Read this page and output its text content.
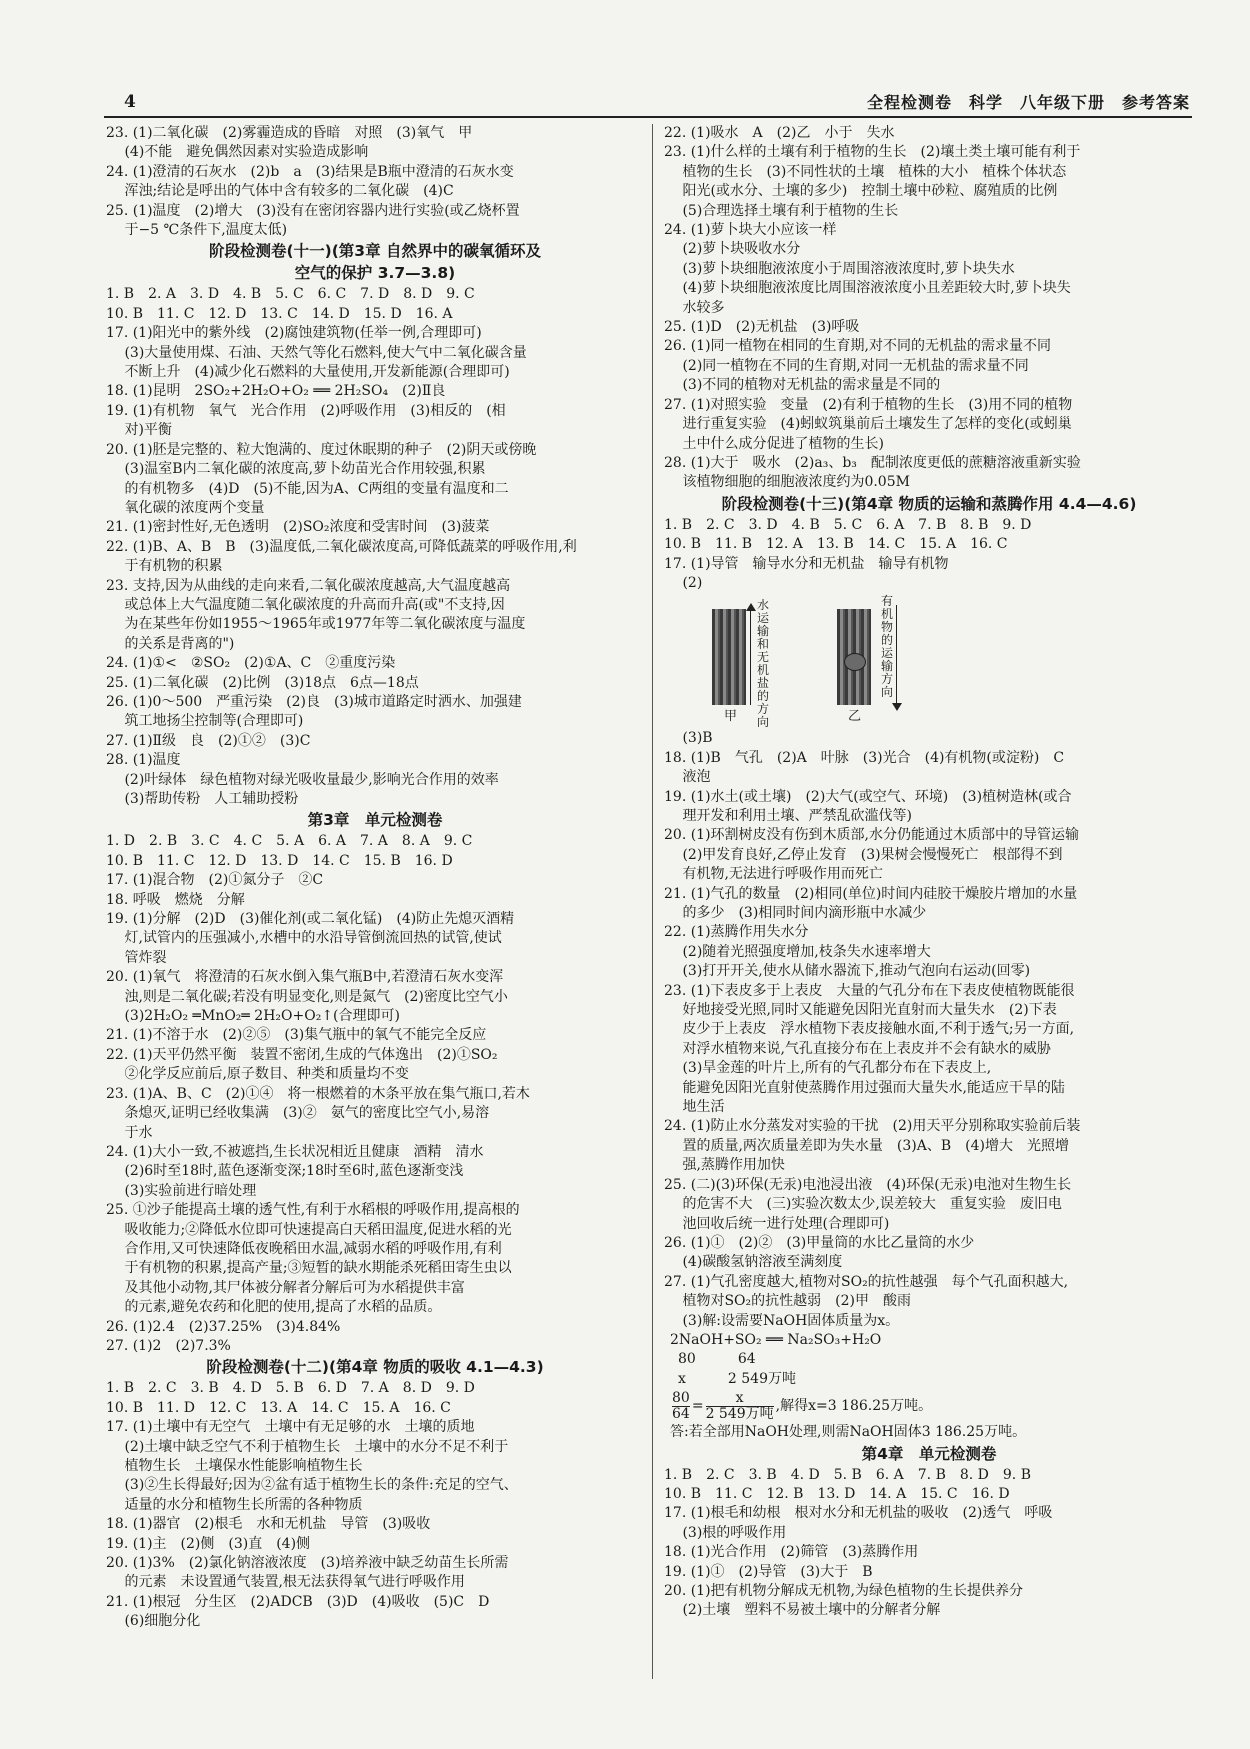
4	全程检测卷　科学　八年级下册　参考答案
23. (1)二氧化碳　(2)雾霾造成的昏暗　对照　(3)氧气　甲
　 (4)不能　避免偶然因素对实验造成影响
24. (1)澄清的石灰水　(2)b　a　(3)结果是B瓶中澄清的石灰水变
　 浑浊;结论是呼出的气体中含有较多的二氧化碳　(4)C
25. (1)温度　(2)增大　(3)没有在密闭容器内进行实验(或乙烧杯置
　 于−5 ℃条件下,温度太低)
阶段检测卷(十一)(第3章 自然界中的碳氧循环及
空气的保护 3.7—3.8)
1. B　2. A　3. D　4. B　5. C　6. C　7. D　8. D　9. C
10. B　11. C　12. D　13. C　14. D　15. D　16. A
17. (1)阳光中的紫外线　(2)腐蚀建筑物(任举一例,合理即可)
　 (3)大量使用煤、石油、天然气等化石燃料,使大气中二氧化碳含量
　 不断上升　(4)减少化石燃料的大量使用,开发新能源(合理即可)
18. (1)昆明　2SO₂+2H₂O+O₂ ══ 2H₂SO₄　(2)Ⅱ良
19. (1)有机物　氧气　光合作用　(2)呼吸作用　(3)相反的　(相
　 对)平衡
20. (1)胚是完整的、粒大饱满的、度过休眠期的种子　(2)阴天或傍晚
　 (3)温室B内二氧化碳的浓度高,萝卜幼苗光合作用较强,积累
　 的有机物多　(4)D　(5)不能,因为A、C两组的变量有温度和二
　 氧化碳的浓度两个变量
21. (1)密封性好,无色透明　(2)SO₂浓度和受害时间　(3)菠菜
22. (1)B、A、B　B　(3)温度低,二氧化碳浓度高,可降低蔬菜的呼吸作用,利
　 于有机物的积累
23. 支持,因为从曲线的走向来看,二氧化碳浓度越高,大气温度越高
　 或总体上大气温度随二氧化碳浓度的升高而升高(或"不支持,因
　 为在某些年份如1955～1965年或1977年等二氧化碳浓度与温度
　 的关系是背离的")
24. (1)①<　②SO₂　(2)①A、C　②重度污染
25. (1)二氧化碳　(2)比例　(3)18点　6点—18点
26. (1)0～500　严重污染　(2)良　(3)城市道路定时洒水、加强建
　 筑工地扬尘控制等(合理即可)
27. (1)Ⅱ级　良　(2)①②　(3)C
28. (1)温度
　 (2)叶绿体　绿色植物对绿光吸收量最少,影响光合作用的效率
　 (3)帮助传粉　人工辅助授粉
第3章　单元检测卷
1. D　2. B　3. C　4. C　5. A　6. A　7. A　8. A　9. C
10. B　11. C　12. D　13. D　14. C　15. B　16. D
17. (1)混合物　(2)①氮分子　②C
18. 呼吸　燃烧　分解
19. (1)分解　(2)D　(3)催化剂(或二氧化锰)　(4)防止先熄灭酒精
　 灯,试管内的压强减小,水槽中的水沿导管倒流回热的试管,使试
　 管炸裂
20. (1)氧气　将澄清的石灰水倒入集气瓶B中,若澄清石灰水变浑
　 浊,则是二氧化碳;若没有明显变化,则是氮气　(2)密度比空气小
　 (3)2H₂O₂ ═MnO₂═ 2H₂O+O₂↑(合理即可)
21. (1)不溶于水　(2)②⑤　(3)集气瓶中的氧气不能完全反应
22. (1)天平仍然平衡　装置不密闭,生成的气体逸出　(2)①SO₂
　 ②化学反应前后,原子数目、种类和质量均不变
23. (1)A、B、C　(2)①④　将一根燃着的木条平放在集气瓶口,若木
　 条熄灭,证明已经收集满　(3)②　氨气的密度比空气小,易溶
　 于水
24. (1)大小一致,不被遮挡,生长状况相近且健康　酒精　清水
　 (2)6时至18时,蓝色逐渐变深;18时至6时,蓝色逐渐变浅
　 (3)实验前进行暗处理
25. ①沙子能提高土壤的透气性,有利于水稻根的呼吸作用,提高根的
　 吸收能力;②降低水位即可快速提高白天稻田温度,促进水稻的光
　 合作用,又可快速降低夜晚稻田水温,减弱水稻的呼吸作用,有利
　 于有机物的积累,提高产量;③短暂的缺水期能杀死稻田寄生虫以
　 及其他小动物,其尸体被分解者分解后可为水稻提供丰富
　 的元素,避免农药和化肥的使用,提高了水稻的品质。
26. (1)2.4　(2)37.25%　(3)4.84%
27. (1)2　(2)7.3%
阶段检测卷(十二)(第4章 物质的吸收 4.1—4.3)
1. B　2. C　3. B　4. D　5. B　6. D　7. A　8. D　9. D
10. B　11. D　12. C　13. A　14. C　15. A　16. C
17. (1)土壤中有无空气　土壤中有无足够的水　土壤的质地
　 (2)土壤中缺乏空气不利于植物生长　土壤中的水分不足不利于
　 植物生长　土壤保水性能影响植物生长
　 (3)②生长得最好;因为②盆有适于植物生长的条件:充足的空气、
　 适量的水分和植物生长所需的各种物质
18. (1)器官　(2)根毛　水和无机盐　导管　(3)吸收
19. (1)主　(2)侧　(3)直　(4)侧
20. (1)3%　(2)氯化钠溶液浓度　(3)培养液中缺乏幼苗生长所需
　 的元素　未设置通气装置,根无法获得氧气进行呼吸作用
21. (1)根冠　分生区　(2)ADCB　(3)D　(4)吸收　(5)C　D
　 (6)细胞分化
22. (1)吸水　A　(2)乙　小于　失水
23. (1)什么样的土壤有利于植物的生长　(2)壤土类土壤可能有利于
　 植物的生长　(3)不同性状的土壤　植株的大小　植株个体状态
　 阳光(或水分、土壤的多少)　控制土壤中砂粒、腐殖质的比例
　 (5)合理选择土壤有利于植物的生长
24. (1)萝卜块大小应该一样
　 (2)萝卜块吸收水分
　 (3)萝卜块细胞液浓度小于周围溶液浓度时,萝卜块失水
　 (4)萝卜块细胞液浓度比周围溶液浓度小且差距较大时,萝卜块失
　 水较多
25. (1)D　(2)无机盐　(3)呼吸
26. (1)同一植物在相同的生育期,对不同的无机盐的需求量不同
　 (2)同一植物在不同的生育期,对同一无机盐的需求量不同
　 (3)不同的植物对无机盐的需求量是不同的
27. (1)对照实验　变量　(2)有利于植物的生长　(3)用不同的植物
　 进行重复实验　(4)蚓蚁筑巢前后土壤发生了怎样的变化(或蚓巢
　 土中什么成分促进了植物的生长)
28. (1)大于　吸水　(2)a₃、b₃　配制浓度更低的蔗糖溶液重新实验
　 该植物细胞的细胞液浓度约为0.05M
阶段检测卷(十三)(第4章 物质的运输和蒸腾作用 4.4—4.6)
1. B　2. C　3. D　4. B　5. C　6. A　7. B　8. B　9. D
10. B　11. B　12. A　13. B　14. C　15. A　16. C
17. (1)导管　输导水分和无机盐　输导有机物
　 (2)
水运输和无机盐的方向
有机物的运输方向
甲	乙
　 (3)B
18. (1)B　气孔　(2)A　叶脉　(3)光合　(4)有机物(或淀粉)　C
　 液泡
19. (1)水土(或土壤)　(2)大气(或空气、环境)　(3)植树造林(或合
　 理开发和利用土壤、严禁乱砍滥伐等)
20. (1)环割树皮没有伤到木质部,水分仍能通过木质部中的导管运输
　 (2)甲发育良好,乙停止发育　(3)果树会慢慢死亡　根部得不到
　 有机物,无法进行呼吸作用而死亡
21. (1)气孔的数量　(2)相同(单位)时间内硅胶干燥胶片增加的水量
　 的多少　(3)相同时间内滴形瓶中水减少
22. (1)蒸腾作用失水分
　 (2)随着光照强度增加,枝条失水速率增大
　 (3)打开开关,使水从储水器流下,推动气泡向右运动(回零)
23. (1)下表皮多于上表皮　大量的气孔分布在下表皮使植物既能很
　 好地接受光照,同时又能避免因阳光直射而大量失水　(2)下表
　 皮少于上表皮　浮水植物下表皮接触水面,不利于透气;另一方面,
　 对浮水植物来说,气孔直接分布在上表皮并不会有缺水的威胁
　 (3)旱金莲的叶片上,所有的气孔都分布在下表皮上,
　 能避免因阳光直射使蒸腾作用过强而大量失水,能适应干旱的陆
　 地生活
24. (1)防止水分蒸发对实验的干扰　(2)用天平分别称取实验前后装
　 置的质量,两次质量差即为失水量　(3)A、B　(4)增大　光照增
　 强,蒸腾作用加快
25. (二)(3)环保(无汞)电池浸出液　(4)环保(无汞)电池对生物生长
　 的危害不大　(三)实验次数太少,误差较大　重复实验　废旧电
　 池回收后统一进行处理(合理即可)
26. (1)①　(2)②　(3)甲量筒的水比乙量筒的水少
　 (4)碳酸氢钠溶液至满刻度
27. (1)气孔密度越大,植物对SO₂的抗性越强　每个气孔面积越大,
　 植物对SO₂的抗性越弱　(2)甲　酸雨
　 (3)解:设需要NaOH固体质量为x。
2NaOH+SO₂ ══ Na₂SO₃+H₂O
80　　　64
x　　　2 549万吨
$\frac{80}{64} = \frac{x}{\text{2 549万吨}}$ ,解得x=3 186.25万吨。
答:若全部用NaOH处理,则需NaOH固体3 186.25万吨。
第4章　单元检测卷
1. B　2. C　3. B　4. D　5. B　6. A　7. B　8. D　9. B
10. B　11. C　12. B　13. D　14. A　15. C　16. D
17. (1)根毛和幼根　根对水分和无机盐的吸收　(2)透气　呼吸
　 (3)根的呼吸作用
18. (1)光合作用　(2)筛管　(3)蒸腾作用
19. (1)①　(2)导管　(3)大于　B
20. (1)把有机物分解成无机物,为绿色植物的生长提供养分
　 (2)土壤　塑料不易被土壤中的分解者分解
